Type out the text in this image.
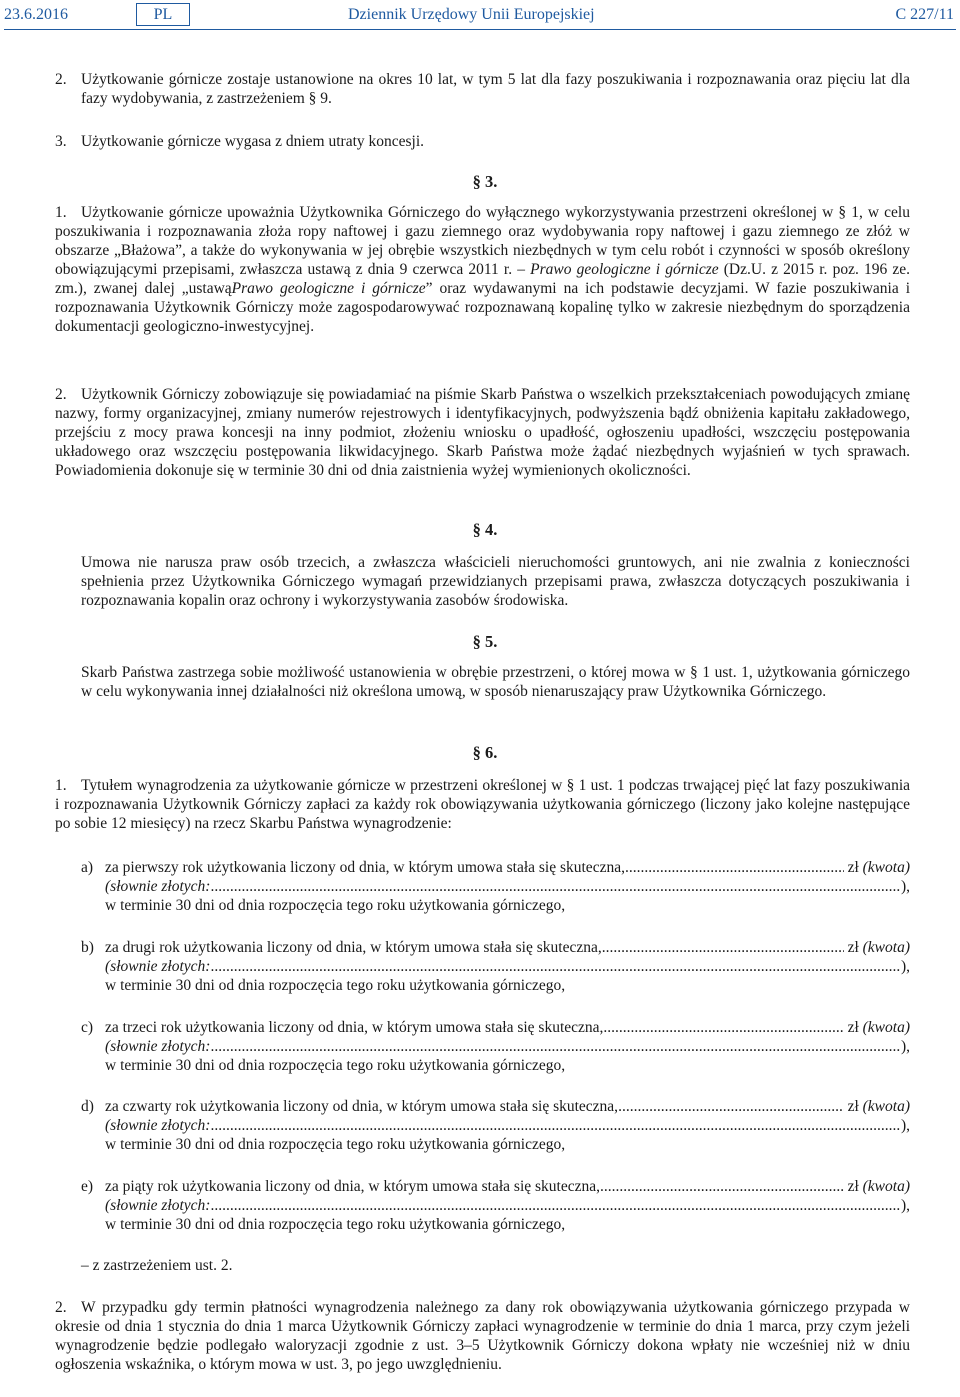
23.6.2016	PL	Dziennik Urzędowy Unii Europejskiej	C 227/11
2. Użytkowanie górnicze zostaje ustanowione na okres 10 lat, w tym 5 lat dla fazy poszukiwania i rozpoznawania oraz pięciu lat dla fazy wydobywania, z zastrzeżeniem § 9.
3. Użytkowanie górnicze wygasa z dniem utraty koncesji.
§ 3.
1. Użytkowanie górnicze upoważnia Użytkownika Górniczego do wyłącznego wykorzystywania przestrzeni określonej w § 1, w celu poszukiwania i rozpoznawania złoża ropy naftowej i gazu ziemnego oraz wydobywania ropy naftowej i gazu ziemnego ze złóż w obszarze „Błażowa”, a także do wykonywania w jej obrębie wszystkich niezbędnych w tym celu robót i czynności w sposób określony obowiązującymi przepisami, zwłaszcza ustawą z dnia 9 czerwca 2011 r. – Prawo geologiczne i górnicze (Dz.U. z 2015 r. poz. 196 ze. zm.), zwanej dalej „ustawąPrawo geologiczne i górnicze” oraz wydawanymi na ich podstawie decyzjami. W fazie poszukiwania i rozpoznawania Użytkownik Górniczy może zagospodarowywać rozpoznawaną kopalinę tylko w zakresie niezbędnym do sporządzenia dokumentacji geologiczno-inwestycyjnej.
2. Użytkownik Górniczy zobowiązuje się powiadamiać na piśmie Skarb Państwa o wszelkich przekształceniach powodujących zmianę nazwy, formy organizacyjnej, zmiany numerów rejestrowych i identyfikacyjnych, podwyższenia bądź obniżenia kapitału zakładowego, przejściu z mocy prawa koncesji na inny podmiot, złożeniu wniosku o upadłość, ogłoszeniu upadłości, wszczęciu postępowania układowego oraz wszczęciu postępowania likwidacyjnego. Skarb Państwa może żądać niezbędnych wyjaśnień w tych sprawach. Powiadomienia dokonuje się w terminie 30 dni od dnia zaistnienia wyżej wymienionych okoliczności.
§ 4.
Umowa nie narusza praw osób trzecich, a zwłaszcza właścicieli nieruchomości gruntowych, ani nie zwalnia z konieczności spełnienia przez Użytkownika Górniczego wymagań przewidzianych przepisami prawa, zwłaszcza dotyczących poszukiwania i rozpoznawania kopalin oraz ochrony i wykorzystywania zasobów środowiska.
§ 5.
Skarb Państwa zastrzega sobie możliwość ustanowienia w obrębie przestrzeni, o której mowa w § 1 ust. 1, użytkowania górniczego w celu wykonywania innej działalności niż określona umową, w sposób nienaruszający praw Użytkownika Górniczego.
§ 6.
1. Tytułem wynagrodzenia za użytkowanie górnicze w przestrzeni określonej w § 1 ust. 1 podczas trwającej pięć lat fazy poszukiwania i rozpoznawania Użytkownik Górniczy zapłaci za każdy rok obowiązywania użytkowania górniczego (liczony jako kolejne następujące po sobie 12 miesięcy) na rzecz Skarbu Państwa wynagrodzenie:
a) za pierwszy rok użytkowania liczony od dnia, w którym umowa stała się skuteczna, .....	zł (kwota)
(słownie złotych: .....	),
w terminie 30 dni od dnia rozpoczęcia tego roku użytkowania górniczego,
b) za drugi rok użytkowania liczony od dnia, w którym umowa stała się skuteczna, .....	zł (kwota)
(słownie złotych: .....	),
w terminie 30 dni od dnia rozpoczęcia tego roku użytkowania górniczego,
c) za trzeci rok użytkowania liczony od dnia, w którym umowa stała się skuteczna, .....	zł (kwota)
(słownie złotych: .....	),
w terminie 30 dni od dnia rozpoczęcia tego roku użytkowania górniczego,
d) za czwarty rok użytkowania liczony od dnia, w którym umowa stała się skuteczna, .....	zł (kwota)
(słownie złotych: .....	),
w terminie 30 dni od dnia rozpoczęcia tego roku użytkowania górniczego,
e) za piąty rok użytkowania liczony od dnia, w którym umowa stała się skuteczna, .....	zł (kwota)
(słownie złotych: .....	),
w terminie 30 dni od dnia rozpoczęcia tego roku użytkowania górniczego,
– z zastrzeżeniem ust. 2.
2. W przypadku gdy termin płatności wynagrodzenia należnego za dany rok obowiązywania użytkowania górniczego przypada w okresie od dnia 1 stycznia do dnia 1 marca Użytkownik Górniczy zapłaci wynagrodzenie w terminie do dnia 1 marca, przy czym jeżeli wynagrodzenie będzie podlegało waloryzacji zgodnie z ust. 3–5 Użytkownik Górniczy dokona wpłaty nie wcześniej niż w dniu ogłoszenia wskaźnika, o którym mowa w ust. 3, po jego uwzględnieniu.
